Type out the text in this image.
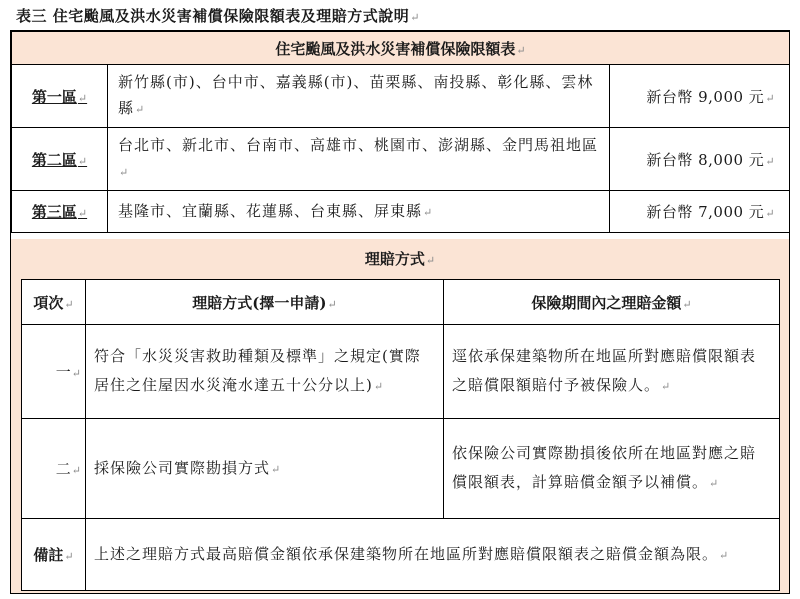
表三 住宅颱風及洪水災害補償保險限額表及理賠方式說明↵
住宅颱風及洪水災害補償保險限額表↵		
第一區↵	新竹縣(市)、台中市、嘉義縣(市)、苗栗縣、南投縣、彰化縣、雲林縣↵	新台幣 9,000 元↵
第二區↵	台北市、新北市、台南市、高雄市、桃園市、澎湖縣、金門馬祖地區↵	新台幣 8,000 元↵
第三區↵	基隆市、宜蘭縣、花蓮縣、台東縣、屏東縣↵	新台幣 7,000 元↵
理賠方式↵
項次↵	理賠方式(擇一申請)↵	保險期間內之理賠金額↵
一↵	符合「水災災害救助種類及標準」之規定(實際居住之住屋因水災淹水達五十公分以上)↵	逕依承保建築物所在地區所對應賠償限額表之賠償限額賠付予被保險人。↵
二↵	採保險公司實際勘損方式↵	依保險公司實際勘損後依所在地區對應之賠償限額表，計算賠償金額予以補償。↵
備註↵	上述之理賠方式最高賠償金額依承保建築物所在地區所對應賠償限額表之賠償金額為限。↵	
